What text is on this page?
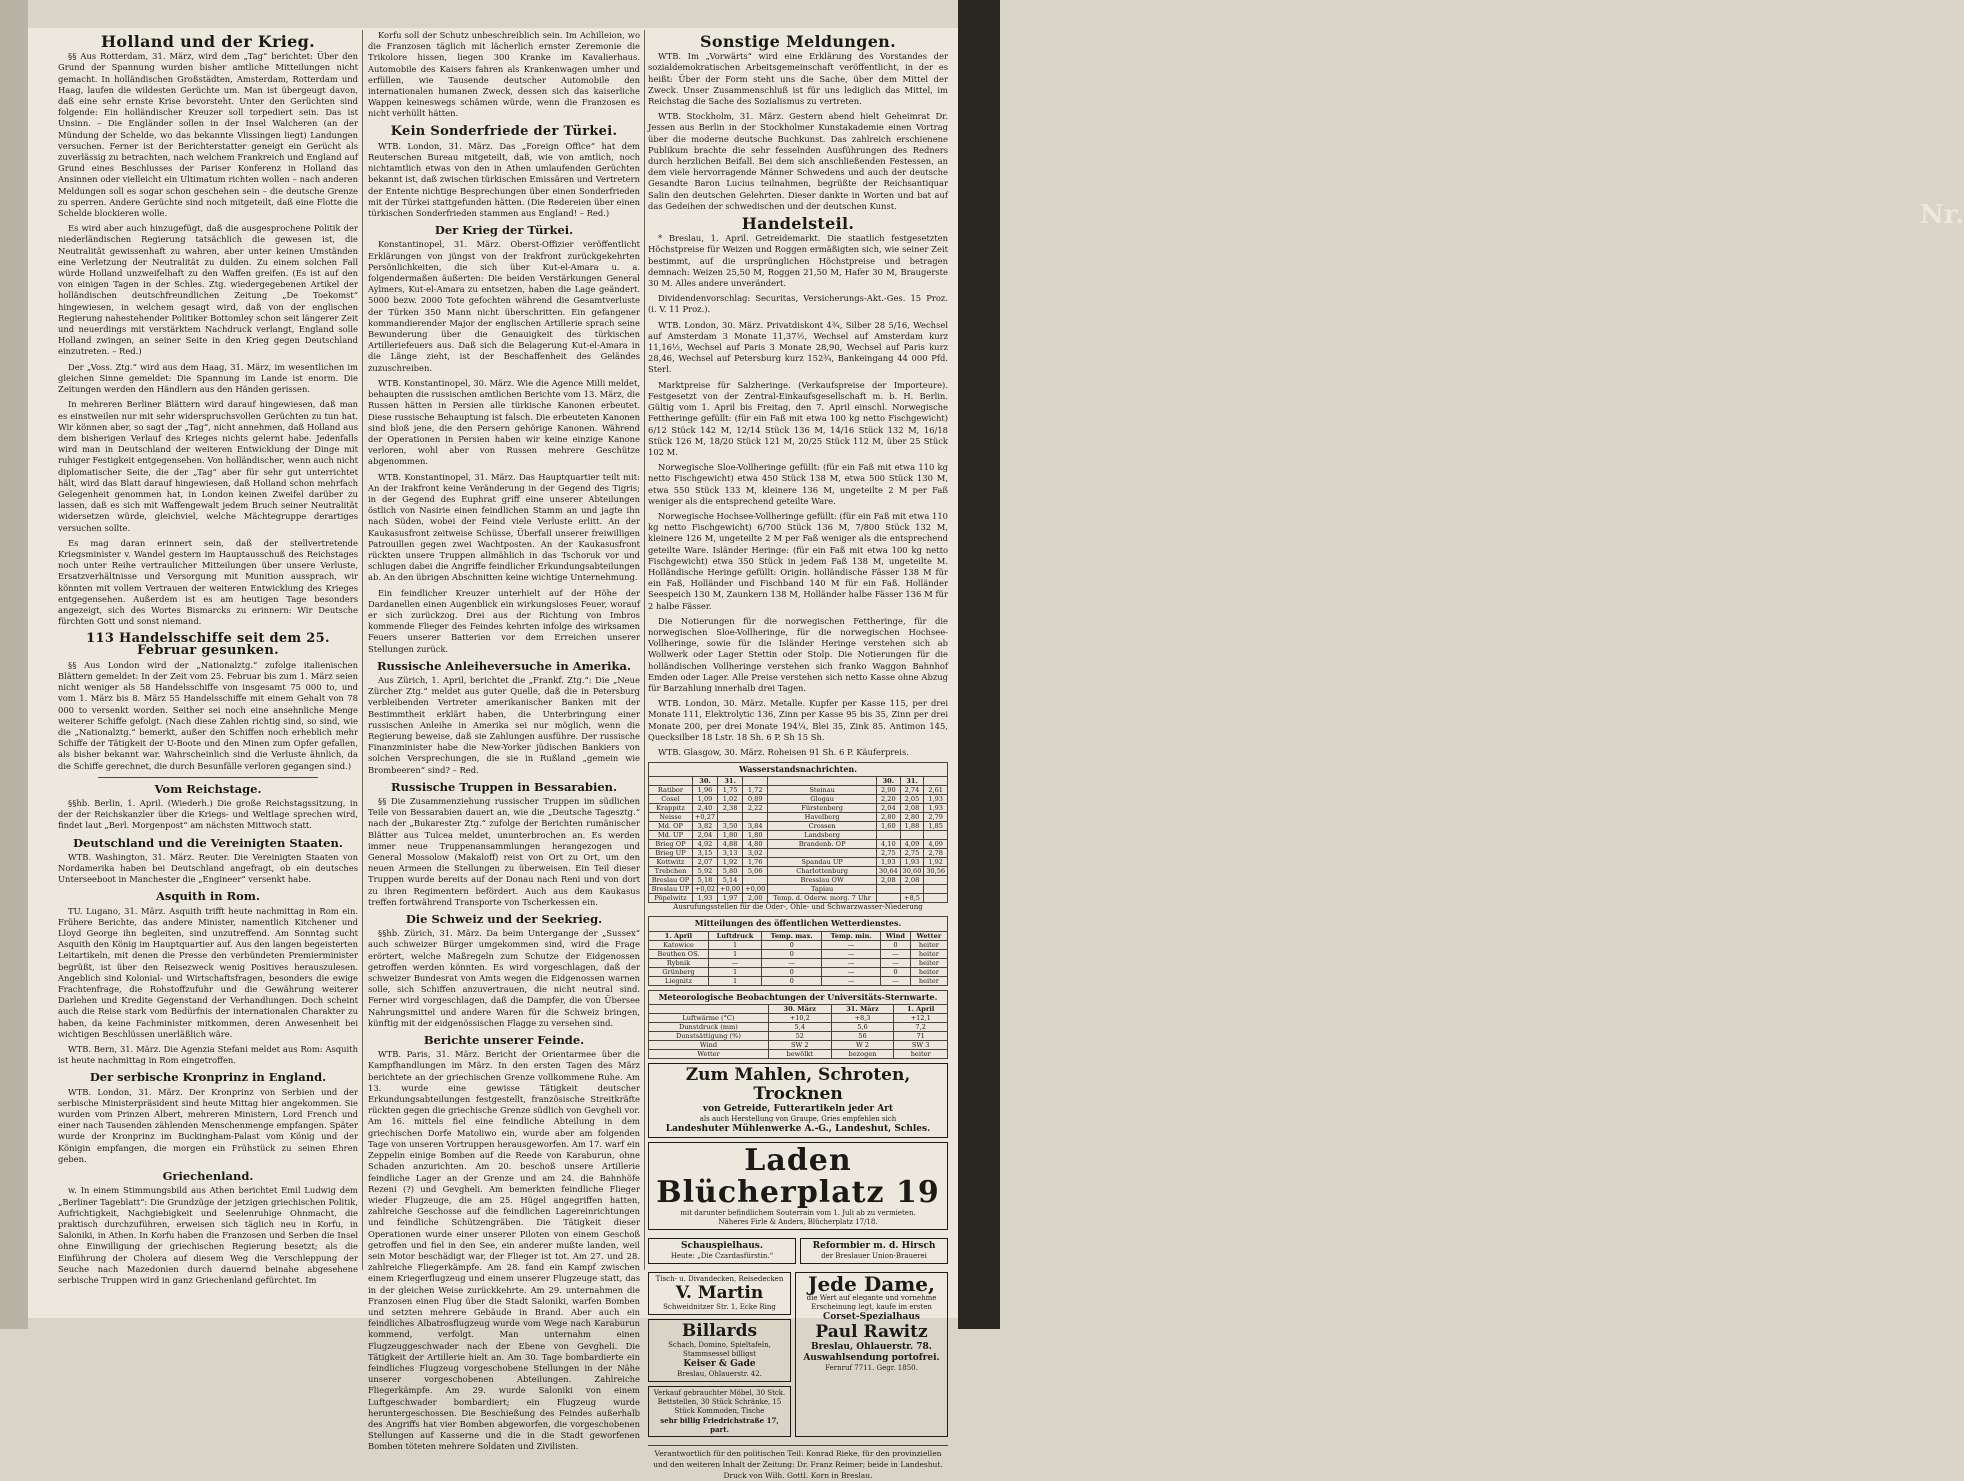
Nr.
Holland und der Krieg.

§§ Aus Rotterdam, 31. März, wird dem „Tag“ berichtet: Über den Grund der Spannung wurden bisher amtliche Mitteilungen nicht gemacht. In holländischen Großstädten, Amsterdam, Rotterdam und Haag, laufen die wildesten Gerüchte um. Man ist übergeugt davon, daß eine sehr ernste Krise bevorsteht. Unter den Gerüchten sind folgende: Ein holländischer Kreuzer soll torpediert sein. Das ist Unsinn. – Die Engländer sollen in der Insel Walcheren (an der Mündung der Schelde, wo das bekannte Vlissingen liegt) Landungen versuchen. Ferner ist der Berichterstatter geneigt ein Gerücht als zuverlässig zu betrachten, nach welchem Frankreich und England auf Grund eines Beschlusses der Pariser Konferenz in Holland das Ansinnen oder vielleicht ein Ultimatum richten wollen – nach anderen Meldungen soll es sogar schon geschehen sein – die deutsche Grenze zu sperren. Andere Gerüchte sind noch mitgeteilt, daß eine Flotte die Schelde blockieren wolle.

Es wird aber auch hinzugefügt, daß die ausgesprochene Politik der niederländischen Regierung tatsächlich die gewesen ist, die Neutralität gewissenhaft zu wahren, aber unter keinen Umständen eine Verletzung der Neutralität zu dulden. Zu einem solchen Fall würde Holland unzweifelhaft zu den Waffen greifen. (Es ist auf den von einigen Tagen in der Schles. Ztg. wiedergegebenen Artikel der holländischen deutschfreundlichen Zeitung „De Toekomst“ hingewiesen, in welchem gesagt wird, daß von der englischen Regierung nahestehender Politiker Bottomley schon seit längerer Zeit und neuerdings mit verstärktem Nachdruck verlangt, England solle Holland zwingen, an seiner Seite in den Krieg gegen Deutschland einzutreten. – Red.)

Der „Voss. Ztg.“ wird aus dem Haag, 31. März, im wesentlichen im gleichen Sinne gemeldet: Die Spannung im Lande ist enorm. Die Zeitungen werden den Händlern aus den Händen gerissen.

In mehreren Berliner Blättern wird darauf hingewiesen, daß man es einstweilen nur mit sehr widerspruchsvollen Gerüchten zu tun hat. Wir können aber, so sagt der „Tag“, nicht annehmen, daß Holland aus dem bisherigen Verlauf des Krieges nichts gelernt habe. Jedenfalls wird man in Deutschland der weiteren Entwicklung der Dinge mit ruhiger Festigkeit entgegensehen. Von holländischer, wenn auch nicht diplomatischer Seite, die der „Tag“ aber für sehr gut unterrichtet hält, wird das Blatt darauf hingewiesen, daß Holland schon mehrfach Gelegenheit genommen hat, in London keinen Zweifel darüber zu lassen, daß es sich mit Waffengewalt jedem Bruch seiner Neutralität widersetzen würde, gleichviel, welche Mächtegruppe derartiges versuchen sollte.

Es mag daran erinnert sein, daß der stellvertretende Kriegsminister v. Wandel gestern im Hauptausschuß des Reichstages noch unter Reihe vertraulicher Mitteilungen über unsere Verluste, Ersatzverhältnisse und Versorgung mit Munition aussprach, wir könnten mit vollem Vertrauen der weiteren Entwicklung des Krieges entgegensehen. Außerdem ist es am heutigen Tage besonders angezeigt, sich des Wortes Bismarcks zu erinnern: Wir Deutsche fürchten Gott und sonst niemand.

113 Handelsschiffe seit dem 25. Februar gesunken.

§§ Aus London wird der „Nationalztg.“ zufolge italienischen Blättern gemeldet: In der Zeit vom 25. Februar bis zum 1. März seien nicht weniger als 58 Handelsschiffe von insgesamt 75 000 to, und vom 1. März bis 8. März 55 Handelsschiffe mit einem Gehalt von 78 000 to versenkt worden. Seither sei noch eine ansehnliche Menge weiterer Schiffe gefolgt. (Nach diese Zahlen richtig sind, so sind, wie die „Nationalztg.“ bemerkt, außer den Schiffen noch erheblich mehr Schiffe der Tätigkeit der U-Boote und den Minen zum Opfer gefallen, als bisher bekannt war. Wahrscheinlich sind die Verluste ähnlich, da die Schiffe gerechnet, die durch Besunfälle verloren gegangen sind.)

Vom Reichstage.

§§hb. Berlin, 1. April. (Wiederh.) Die große Reichstagssitzung, in der der Reichskanzler über die Kriegs- und Weltlage sprechen wird, findet laut „Berl. Morgenpost“ am nächsten Mittwoch statt.

Deutschland und die Vereinigten Staaten.

WTB. Washington, 31. März. Reuter. Die Vereinigten Staaten von Nordamerika haben bei Deutschland angefragt, ob ein deutsches Unterseeboot in Manchester die „Engineer“ versenkt habe.

Asquith in Rom.

TU. Lugano, 31. März. Asquith trifft heute nachmittag in Rom ein. Frühere Berichte, das andere Minister, namentlich Kitchener und Lloyd George ihn begleiten, sind unzutreffend. Am Sonntag sucht Asquith den König im Hauptquartier auf. Aus den langen begeisterten Leitartikeln, mit denen die Presse den verbündeten Premierminister begrüßt, ist über den Reisezweck wenig Positives herauszulesen. Angeblich sind Kolonial- und Wirtschaftsfragen, besonders die ewige Frachtenfrage, die Rohstoffzufuhr und die Gewährung weiterer Darlehen und Kredite Gegenstand der Verhandlungen. Doch scheint auch die Reise stark vom Bedürfnis der internationalen Charakter zu haben, da keine Fachminister mitkommen, deren Anwesenheit bei wichtigen Beschlüssen unerläßlich wäre.

WTB. Bern, 31. März. Die Agenzia Stefani meldet aus Rom: Asquith ist heute nachmittag in Rom eingetroffen.

Der serbische Kronprinz in England.

WTB. London, 31. März. Der Kronprinz von Serbien und der serbische Ministerpräsident sind heute Mittag hier angekommen. Sie wurden vom Prinzen Albert, mehreren Ministern, Lord French und einer nach Tausenden zählenden Menschenmenge empfangen. Später wurde der Kronprinz im Buckingham-Palast vom König und der Königin empfangen, die morgen ein Frühstück zu seinen Ehren geben.

Griechenland.

w. In einem Stimmungsbild aus Athen berichtet Emil Ludwig dem „Berliner Tageblatt“: Die Grundzüge der jetzigen griechischen Politik, Aufrichtigkeit, Nachgiebigkeit und Seelenruhige Ohnmacht, die praktisch durchzuführen, erweisen sich täglich neu in Korfu, in Saloniki, in Athen. In Korfu haben die Franzosen und Serben die Insel ohne Einwilligung der griechischen Regierung besetzt; als die Einführung der Cholera auf diesem Weg die Verschleppung der Seuche nach Mazedonien durch dauernd beinahe abgesehene serbische Truppen wird in ganz Griechenland gefürchtet. Im

Korfu soll der Schutz unbeschreiblich sein. Im Achilleion, wo die Franzosen täglich mit lächerlich ernster Zeremonie die Trikolore hissen, liegen 300 Kranke im Kavalierhaus. Automobile des Kaisers fahren als Krankenwagen umher und erfüllen, wie Tausende deutscher Automobile den internationalen humanen Zweck, dessen sich das kaiserliche Wappen keineswegs schämen würde, wenn die Franzosen es nicht verhüllt hätten.

Kein Sonderfriede der Türkei.

WTB. London, 31. März. Das „Foreign Office“ hat dem Reuterschen Bureau mitgeteilt, daß, wie von amtlich, noch nichtamtlich etwas von den in Athen umlaufenden Gerüchten bekannt ist, daß zwischen türkischen Emissären und Vertretern der Entente nichtige Besprechungen über einen Sonderfrieden mit der Türkei stattgefunden hätten. (Die Redereien über einen türkischen Sonderfrieden stammen aus England! – Red.)

Der Krieg der Türkei.

Konstantinopel, 31. März. Oberst-Offizier veröffentlicht Erklärungen von jüngst von der Irakfront zurückgekehrten Persönlichkeiten, die sich über Kut-el-Amara u. a. folgendermaßen äußerten: Die beiden Verstärkungen General Aylmers, Kut-el-Amara zu entsetzen, haben die Lage geändert. 5000 bezw. 2000 Tote gefochten während die Gesamtverluste der Türken 350 Mann nicht überschritten. Ein gefangener kommandierender Major der englischen Artillerie sprach seine Bewunderung über die Genauigkeit des türkischen Artilleriefeuers aus. Daß sich die Belagerung Kut-el-Amara in die Länge zieht, ist der Beschaffenheit des Geländes zuzuschreiben.

WTB. Konstantinopel, 30. März. Wie die Agence Milli meldet, behaupten die russischen amtlichen Berichte vom 13. März, die Russen hätten in Persien alle türkische Kanonen erbeutet. Diese russische Behauptung ist falsch. Die erbeuteten Kanonen sind bloß jene, die den Persern gehörige Kanonen. Während der Operationen in Persien haben wir keine einzige Kanone verloren, wohl aber von Russen mehrere Geschütze abgenommen.

WTB. Konstantinopel, 31. März. Das Hauptquartier teilt mit: An der Irakfront keine Veränderung in der Gegend des Tigris; in der Gegend des Euphrat griff eine unserer Abteilungen östlich von Nasirie einen feindlichen Stamm an und jagte ihn nach Süden, wobei der Feind viele Verluste erlitt. An der Kaukasusfront zeitweise Schüsse, Überfall unserer freiwilligen Patrouillen gegen zwei Wachtposten. An der Kaukasusfront rückten unsere Truppen allmählich in das Tschoruk vor und schlugen dabei die Angriffe feindlicher Erkundungsabteilungen ab. An den übrigen Abschnitten keine wichtige Unternehmung.

Ein feindlicher Kreuzer unterhielt auf der Höhe der Dardanellen einen Augenblick ein wirkungsloses Feuer, worauf er sich zurückzog. Drei aus der Richtung von Imbros kommende Flieger des Feindes kehrten infolge des wirksamen Feuers unserer Batterien vor dem Erreichen unserer Stellungen zurück.

Russische Anleiheversuche in Amerika.

Aus Zürich, 1. April, berichtet die „Frankf. Ztg.“: Die „Neue Zürcher Ztg.“ meldet aus guter Quelle, daß die in Petersburg verbleibenden Vertreter amerikanischer Banken mit der Bestimmtheit erklärt haben, die Unterbringung einer russischen Anleihe in Amerika sei nur möglich, wenn die Regierung beweise, daß sie Zahlungen ausführe. Der russische Finanzminister habe die New-Yorker jüdischen Bankiers von solchen Versprechungen, die sie in Rußland „gemein wie Brombeeren“ sind? – Red.

Russische Truppen in Bessarabien.

§§ Die Zusammenziehung russischer Truppen im südlichen Teile von Bessarabien dauert an, wie die „Deutsche Tagesztg.“ nach der „Bukarester Ztg.“ zufolge der Berichten rumänischer Blätter aus Tulcea meldet, ununterbrochen an. Es werden immer neue Truppenansammlungen herangezogen und General Mossolow (Makaloff) reist von Ort zu Ort, um den neuen Armeen die Stellungen zu überweisen. Ein Teil dieser Truppen wurde bereits auf der Donau nach Reni und von dort zu ihren Regimentern befördert. Auch aus dem Kaukasus treffen fortwährend Transporte von Tscherkessen ein.

Die Schweiz und der Seekrieg.

§§hb. Zürich, 31. März. Da beim Untergange der „Sussex“ auch schweizer Bürger umgekommen sind, wird die Frage erörtert, welche Maßregeln zum Schutze der Eidgenossen getroffen werden könnten. Es wird vorgeschlagen, daß der schweizer Bundesrat von Amts wegen die Eidgenossen warnen solle, sich Schiffen anzuvertrauen, die nicht neutral sind. Ferner wird vorgeschlagen, daß die Dampfer, die von Übersee Nahrungsmittel und andere Waren für die Schweiz bringen, künftig mit der eidgenössischen Flagge zu versehen sind.

Berichte unserer Feinde.

WTB. Paris, 31. März. Bericht der Orientarmee über die Kampfhandlungen im März. In den ersten Tagen des März berichtete an der griechischen Grenze vollkommene Ruhe. Am 13. wurde eine gewisse Tätigkeit deutscher Erkundungsabteilungen festgestellt, französische Streitkräfte rückten gegen die griechische Grenze südlich von Gevgheli vor. Am 16. mittels fiel eine feindliche Abteilung in dem griechischen Dorfe Matoliwo ein, wurde aber am folgenden Tage von unseren Vortruppen herausgeworfen. Am 17. warf ein Zeppelin einige Bomben auf die Reede von Karaburun, ohne Schaden anzurichten. Am 20. beschoß unsere Artillerie feindliche Lager an der Grenze und am 24. die Bahnhöfe Rezeni (?) und Gevgheli. Am bemerkten feindliche Flieger wieder Flugzeuge, die am 25. Hügel angegriffen hatten, zahlreiche Geschosse auf die feindlichen Lagereinrichtungen und feindliche Schützengräben. Die Tätigkeit dieser Operationen wurde einer unserer Piloten von einem Geschoß getroffen und fiel in den See, ein anderer mußte landen, weil sein Motor beschädigt war, der Flieger ist tot. Am 27. und 28. zahlreiche Fliegerkämpfe. Am 28. fand ein Kampf zwischen einem Kriegerflugzeug und einem unserer Flugzeuge statt, das in der gleichen Weise zurückkehrte. Am 29. unternahmen die Franzosen einen Flug über die Stadt Saloniki, warfen Bomben und setzten mehrere Gebäude in Brand. Aber auch ein feindliches Albatrosflugzeug wurde vom Wege nach Karaburun kommend, verfolgt. Man unternahm einen Flugzeuggeschwader nach der Ebene von Gevgheli. Die Tätigkeit der Artillerie hielt an. Am 30. Tage bombardierte ein feindliches Flugzeug vorgeschobene Stellungen in der Nähe unserer vorgeschobenen Abteilungen. Zahlreiche Fliegerkämpfe. Am 29. wurde Saloniki von einem Luftgeschwader bombardiert; ein Flugzeug wurde heruntergeschossen. Die Beschießung des Feindes außerhalb des Angriffs hat vier Bomben abgeworfen, die vorgeschobenen Stellungen auf Kasserne und die in die Stadt geworfenen Bomben töteten mehrere Soldaten und Zivilisten.

Sonstige Meldungen.

WTB. Im „Vorwärts“ wird eine Erklärung des Vorstandes der sozialdemokratischen Arbeitsgemeinschaft veröffentlicht, in der es heißt: Über der Form steht uns die Sache, über dem Mittel der Zweck. Unser Zusammenschluß ist für uns lediglich das Mittel, im Reichstag die Sache des Sozialismus zu vertreten.

WTB. Stockholm, 31. März. Gestern abend hielt Geheimrat Dr. Jessen aus Berlin in der Stockholmer Kunstakademie einen Vortrag über die moderne deutsche Buchkunst. Das zahlreich erschienene Publikum brachte die sehr fesselnden Ausführungen des Redners durch herzlichen Beifall. Bei dem sich anschließenden Festessen, an dem viele hervorragende Männer Schwedens und auch der deutsche Gesandte Baron Lucius teilnahmen, begrüßte der Reichsantiquar Salin den deutschen Gelehrten. Dieser dankte in Worten und bat auf das Gedeihen der schwedischen und der deutschen Kunst.

Handelsteil.

* Breslau, 1. April. Getreidemarkt. Die staatlich festgesetzten Höchstpreise für Weizen und Roggen ermäßigten sich, wie seiner Zeit bestimmt, auf die ursprünglichen Höchstpreise und betragen demnach: Weizen 25,50 M, Roggen 21,50 M, Hafer 30 M, Braugerste 30 M. Alles andere unverändert.

Dividendenvorschlag: Securitas, Versicherungs-Akt.-Ges. 15 Proz. (i. V. 11 Proz.).

WTB. London, 30. März. Privatdiskont 4¾, Silber 28 5/16, Wechsel auf Amsterdam 3 Monate 11,37½, Wechsel auf Amsterdam kurz 11,16½, Wechsel auf Paris 3 Monate 28,90, Wechsel auf Paris kurz 28,46, Wechsel auf Petersburg kurz 152¾, Bankeingang 44 000 Pfd. Sterl.

Marktpreise für Salzheringe. (Verkaufspreise der Importeure). Festgesetzt von der Zentral-Einkaufsgesellschaft m. b. H. Berlin. Gültig vom 1. April bis Freitag, den 7. April einschl. Norwegische Fettheringe gefüllt: (für ein Faß mit etwa 100 kg netto Fischgewicht) 6/12 Stück 142 M, 12/14 Stück 136 M, 14/16 Stück 132 M, 16/18 Stück 126 M, 18/20 Stück 121 M, 20/25 Stück 112 M, über 25 Stück 102 M.

Norwegische Sloe-Vollheringe gefüllt: (für ein Faß mit etwa 110 kg netto Fischgewicht) etwa 450 Stück 138 M, etwa 500 Stück 130 M, etwa 550 Stück 133 M, kleinere 136 M, ungeteilte 2 M per Faß weniger als die entsprechend geteilte Ware.

Norwegische Hochsee-Vollheringe gefüllt: (für ein Faß mit etwa 110 kg netto Fischgewicht) 6/700 Stück 136 M, 7/800 Stück 132 M, kleinere 126 M, ungeteilte 2 M per Faß weniger als die entsprechend geteilte Ware. Isländer Heringe: (für ein Faß mit etwa 100 kg netto Fischgewicht) etwa 350 Stück in jedem Faß 138 M, ungeteilte M. Holländische Heringe gefüllt: Origin. holländische Fässer 138 M für ein Faß, Holländer und Fischband 140 M für ein Faß. Holländer Seespeich 130 M, Zaunkern 138 M, Holländer halbe Fässer 136 M für 2 halbe Fässer.

Die Notierungen für die norwegischen Fettheringe, für die norwegischen Sloe-Vollheringe, für die norwegischen Hochsee-Vollheringe, sowie für die Isländer Heringe verstehen sich ab Wollwerk oder Lager Stettin oder Stolp. Die Notierungen für die holländischen Vollheringe verstehen sich franko Waggon Bahnhof Emden oder Lager. Alle Preise verstehen sich netto Kasse ohne Abzug für Barzahlung innerhalb drei Tagen.

WTB. London, 30. März. Metalle. Kupfer per Kasse 115, per drei Monate 111, Elektrolytic 136, Zinn per Kasse 95 bis 35, Zinn per drei Monate 200, per drei Monate 194¼, Blei 35, Zink 85. Antimon 145, Quecksilber 18 Lstr. 18 Sh. 6 P. Sh 15 Sh.

WTB. Glasgow, 30. März. Roheisen 91 Sh. 6 P. Käuferpreis.

Wasserstandsnachrichten.
	30.	31.			30.	31.	
Ratibor	1,96	1,75	1,72	Steinau	2,90	2,74	2,61
Cosel	1,09	1,02	0,89	Glogau	2,20	2,05	1,93
Krappitz	2,40	2,38	2,22	Fürstenberg	2,04	2,08	1,93
Neisse	+0,27			Havelberg	2,80	2,80	2,79
Md. OP	3,82	3,50	3,84	Crossen	1,60	1,88	1,85
Md. UP	2,04	1,80	1,80	Landsberg			
Brieg OP	4,92	4,88	4,80	Brandenb. OP	4,10	4,09	4,09
Brieg UP	3,15	3,13	3,02		2,75	2,75	2,78
Kottwitz	2,07	1,92	1,76	Spandau UP	1,93	1,93	1,92
Trebchen	5,92	5,80	5,06	Charlottenburg	30,64	30,60	30,56
Breslau OP	5,18	5,14		Bresslau OW	2,08	2,08	
Breslau UP	+0,02	+0,00	+0,00	Tapiau			
Pöpelwitz	1,93	1,97	2,00	Temp. d. Oderw. morg. 7 Uhr		+8,5	
Ausrufungsstellen für die Oder-, Ohle- und Schwarzwasser-Niederung
Mitteilungen des öffentlichen Wetterdienstes.
1. April	Luftdruck	Temp. max.	Temp. min.	Wind	Wetter
Katowice	1	0	—	0	heiter
Beuthen OS.	1	0	—	—	heiter
Rybnik	—	—	—	—	heiter
Grünberg	1	0	—	0	heiter
Liegnitz	1	0	—	—	heiter
Meteorologische Beobachtungen der Universitäts-Sternwarte.
	30. März	31. März	1. April
Luftwärme (°C)	+10,2	+8,3	+12,1
Dunstdruck (mm)	5,4	5,6	7,2
Dunstsättigung (%)	52	56	71
Wind	SW 2	W 2	SW 3
Wetter	bewölkt	bezogen	heiter
Zum Mahlen, Schroten, Trocknen
von Getreide, Futterartikeln jeder Art
als auch Herstellung von Graupe, Gries empfehlen sich
Landeshuter Mühlenwerke A.-G., Landeshut, Schles.
Laden Blücherplatz 19
mit darunter befindlichem Souterrain vom 1. Juli ab zu vermieten.
Näheres Firle & Anders, Blücherplatz 17/18.
Schauspielhaus.
Heute: „Die Czardasfürstin.“
Reformbier m. d. Hirsch
der Breslauer Union-Brauerei
Tisch- u. Divandecken, Reisedecken
V. Martin
Schweidnitzer Str. 1, Ecke Ring
Billards
Schach, Domino, Spieltafeln, Stammsessel billigst
Keiser & Gade
Breslau, Ohlauerstr. 42.
Verkauf gebrauchter Möbel, 30 Stck. Bettstellen, 30 Stück Schränke, 15 Stück Kommoden, Tische
sehr billig Friedrichstraße 17, part.
Jede Dame,
die Wert auf elegante und vornehme Erscheinung legt, kaufe im ersten
Corset-Spezialhaus
Paul Rawitz
Breslau, Ohlauerstr. 78.
Auswahlsendung portofrei.
Fernruf 7711. Gegr. 1850.
Verantwortlich für den politischen Teil: Konrad Rieke, für den provinziellen und den weiteren Inhalt der Zeitung: Dr. Franz Reimer; beide in Landeshut. Druck von Wilh. Gottl. Korn in Breslau.
